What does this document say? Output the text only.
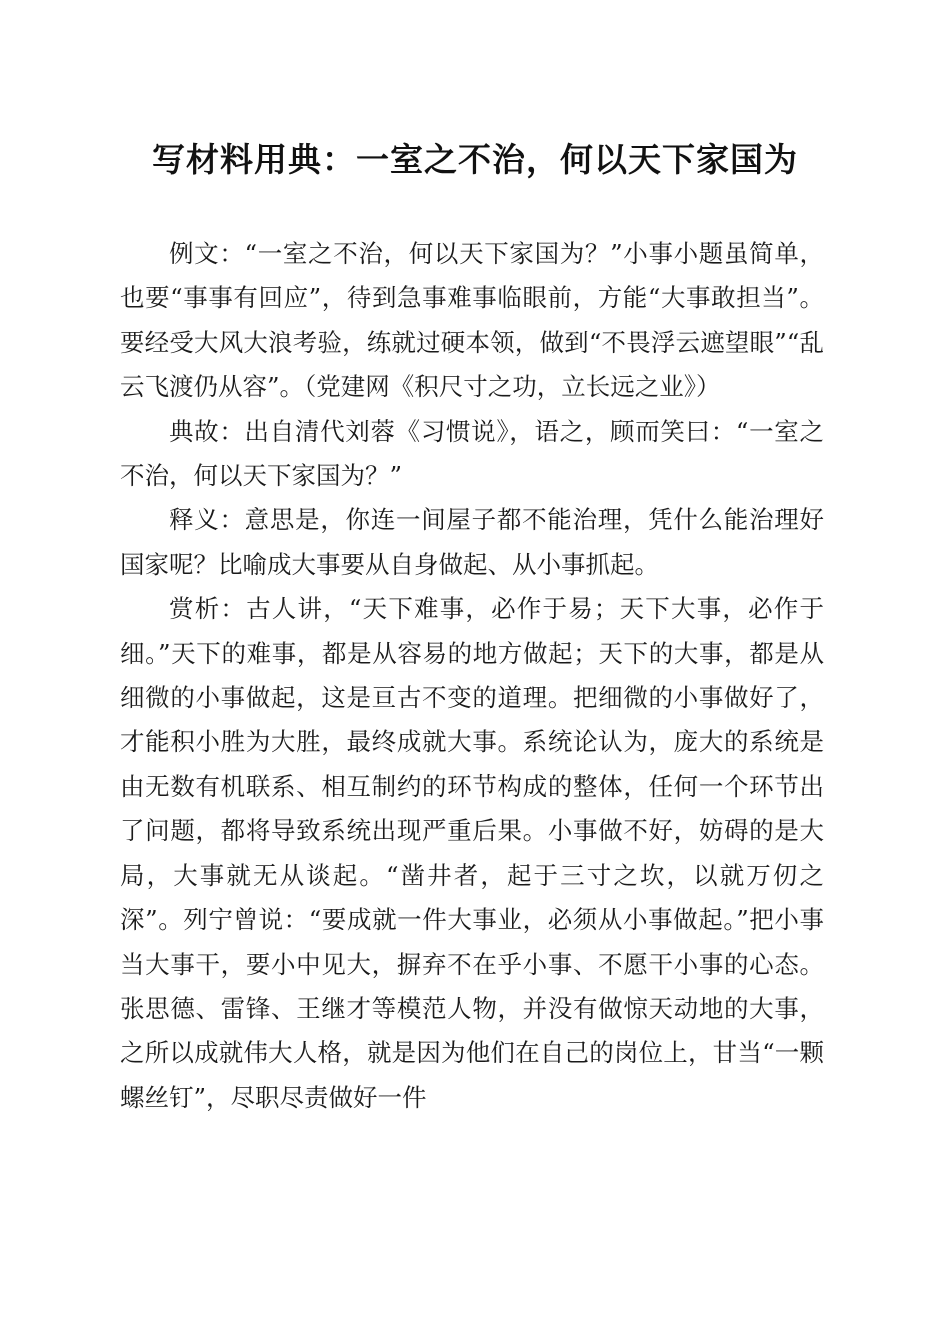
写材料用典：一室之不治，何以天下家国为

例文：“一室之不治，何以天下家国为？”小事小题虽简单，也要“事事有回应”，待到急事难事临眼前，方能“大事敢担当”。要经受大风大浪考验，练就过硬本领，做到“不畏浮云遮望眼”“乱云飞渡仍从容”。（党建网《积尺寸之功，立长远之业》）

典故：出自清代刘蓉《习惯说》，语之，顾而笑曰：“一室之不治，何以天下家国为？”

释义：意思是，你连一间屋子都不能治理，凭什么能治理好国家呢？比喻成大事要从自身做起、从小事抓起。

赏析：古人讲，“天下难事，必作于易；天下大事，必作于细。”天下的难事，都是从容易的地方做起；天下的大事，都是从细微的小事做起，这是亘古不变的道理。把细微的小事做好了，才能积小胜为大胜，最终成就大事。系统论认为，庞大的系统是由无数有机联系、相互制约的环节构成的整体，任何一个环节出了问题，都将导致系统出现严重后果。小事做不好，妨碍的是大局，大事就无从谈起。“凿井者，起于三寸之坎，以就万仞之深”。列宁曾说：“要成就一件大事业，必须从小事做起。”把小事当大事干，要小中见大，摒弃不在乎小事、不愿干小事的心态。张思德、雷锋、王继才等模范人物，并没有做惊天动地的大事，之所以成就伟大人格，就是因为他们在自己的岗位上，甘当“一颗螺丝钉”，尽职尽责做好一件
